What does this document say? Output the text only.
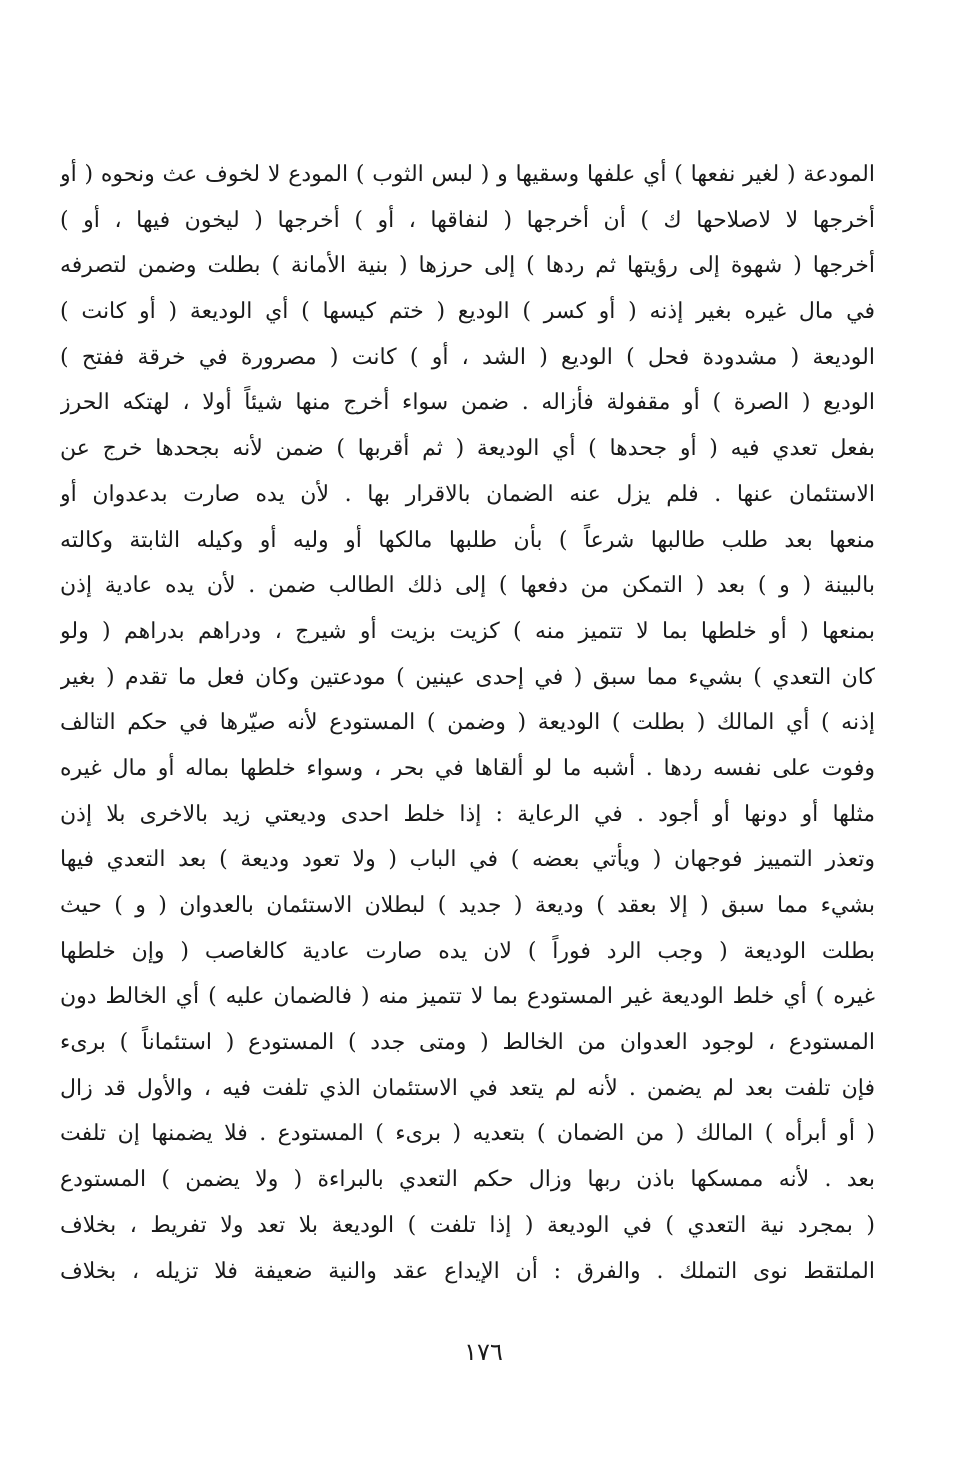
المودعة ( لغير نفعها ) أي علفها وسقيها و ( لبس الثوب ) المودع لا لخوف عث ونحوه ( أو
أخرجها لا لاصلاحها ك ) أن أخرجها ( لنفاقها ، أو ) أخرجها ( ليخون فيها ، أو )
أخرجها ( شهوة إلى رؤيتها ثم ردها ) إلى حرزها ( بنية الأمانة ) بطلت وضمن لتصرفه
في مال غيره بغير إذنه ( أو كسر ) الوديع ( ختم كيسها ) أي الوديعة ( أو كانت )
الوديعة ( مشدودة فحل ) الوديع ( الشد ، أو ) كانت ( مصرورة في خرقة ففتح )
الوديع ( الصرة ) أو مقفولة فأزاله . ضمن سواء أخرج منها شيئاً أولا ، لهتكه الحرز
بفعل تعدي فيه ( أو جحدها ) أي الوديعة ( ثم أقربها ) ضمن لأنه بجحدها خرج عن
الاستئمان عنها . فلم يزل عنه الضمان بالاقرار بها . لأن يده صارت بدعدوان أو
منعها بعد طلب طالبها شرعاً ) بأن طلبها مالكها أو وليه أو وكيله الثابتة وكالته
بالبينة ( و ) بعد ( التمكن من دفعها ) إلى ذلك الطالب ضمن . لأن يده عادية إذن
بمنعها ( أو خلطها بما لا تتميز منه ) كزيت بزيت أو شيرج ، ودراهم بدراهم ( ولو
كان التعدي ) بشيء مما سبق ( في إحدى عينين ) مودعتين وكان فعل ما تقدم ( بغير
إذنه ) أي المالك ( بطلت ) الوديعة ( وضمن ) المستودع لأنه صيّرها في حكم التالف
وفوت على نفسه ردها . أشبه ما لو ألقاها في بحر ، وسواء خلطها بماله أو مال غيره
مثلها أو دونها أو أجود . في الرعاية : إذا خلط احدى وديعتي زيد بالاخرى بلا إذن
وتعذر التمييز فوجهان ( ويأتي بعضه ) في الباب ( ولا تعود وديعة ) بعد التعدي فيها
بشيء مما سبق ( إلا بعقد ) وديعة ( جديد ) لبطلان الاستئمان بالعدوان ( و ) حيث
بطلت الوديعة ( وجب الرد فوراً ) لان يده صارت عادية كالغاصب ( وإن خلطها
غيره ) أي خلط الوديعة غير المستودع بما لا تتميز منه ( فالضمان عليه ) أي الخالط دون
المستودع ، لوجود العدوان من الخالط ( ومتى جدد ) المستودع ( استئماناً ) برىء
فإن تلفت بعد لم يضمن . لأنه لم يتعد في الاستئمان الذي تلفت فيه ، والأول قد زال
( أو أبرأه ) المالك ( من الضمان ) بتعديه ( برىء ) المستودع . فلا يضمنها إن تلفت
بعد . لأنه ممسكها باذن ربها وزال حكم التعدي بالبراءة ( ولا يضمن ) المستودع
( بمجرد نية التعدي ) في الوديعة ( إذا تلفت ) الوديعة بلا تعد ولا تفريط ، بخلاف
الملتقط نوى التملك . والفرق : أن الإيداع عقد والنية ضعيفة فلا تزيله ، بخلاف
١٧٦
